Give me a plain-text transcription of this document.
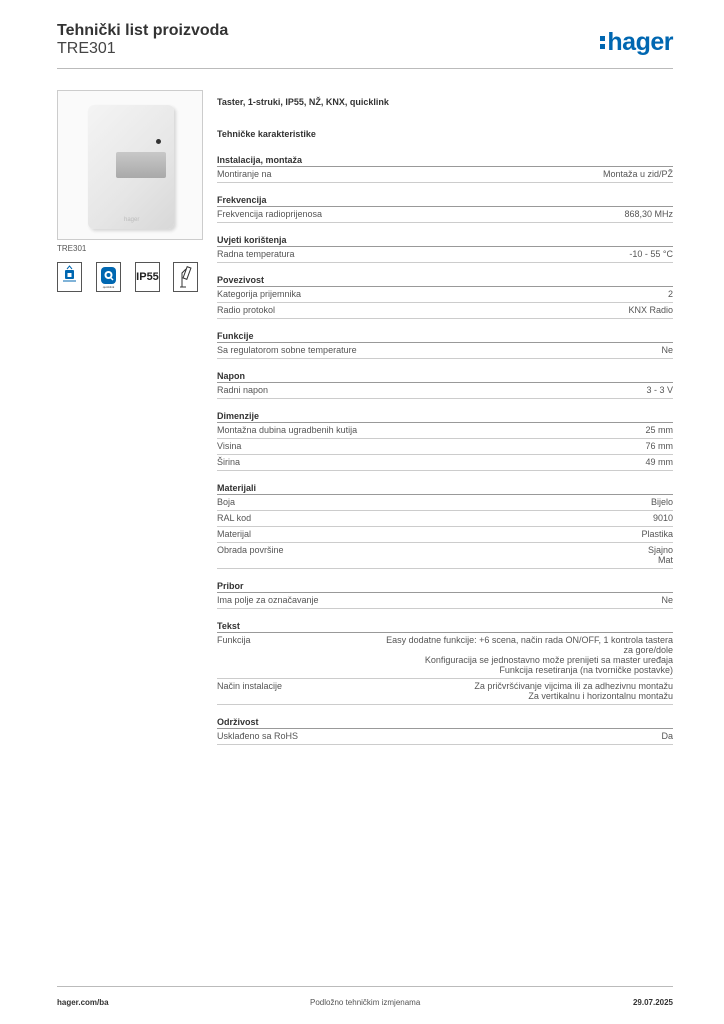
Tehnički list proizvoda
TRE301	hager
hager
TRE301
quicklink
IP55
Taster, 1-struki, IP55, NŽ, KNX, quicklink
Tehničke karakteristike
Instalacija, montaža
Montiranje na	Montaža u zid/PŽ
Frekvencija
Frekvencija radioprijenosa	868,30 MHz
Uvjeti korištenja
Radna temperatura	-10 - 55 °C
Povezivost
Kategorija prijemnika	2
Radio protokol	KNX Radio
Funkcije
Sa regulatorom sobne temperature	Ne
Napon
Radni napon	3 - 3 V
Dimenzije
Montažna dubina ugradbenih kutija	25 mm
Visina	76 mm
Širina	49 mm
Materijali
Boja	Bijelo
RAL kod	9010
Materijal	Plastika
Obrada površine	Sjajno
Mat
Pribor
Ima polje za označavanje	Ne
Tekst
Funkcija	Easy dodatne funkcije: +6 scena, način rada ON/OFF, 1 kontrola tastera
za gore/dole
Konfiguracija se jednostavno može prenijeti sa master uređaja
Funkcija resetiranja (na tvorničke postavke)
Način instalacije	Za pričvršćivanje vijcima ili za adhezivnu montažu
Za vertikalnu i horizontalnu montažu
Održivost
Usklađeno sa RoHS	Da
hager.com/ba	Podložno tehničkim izmjenama	29.07.2025
